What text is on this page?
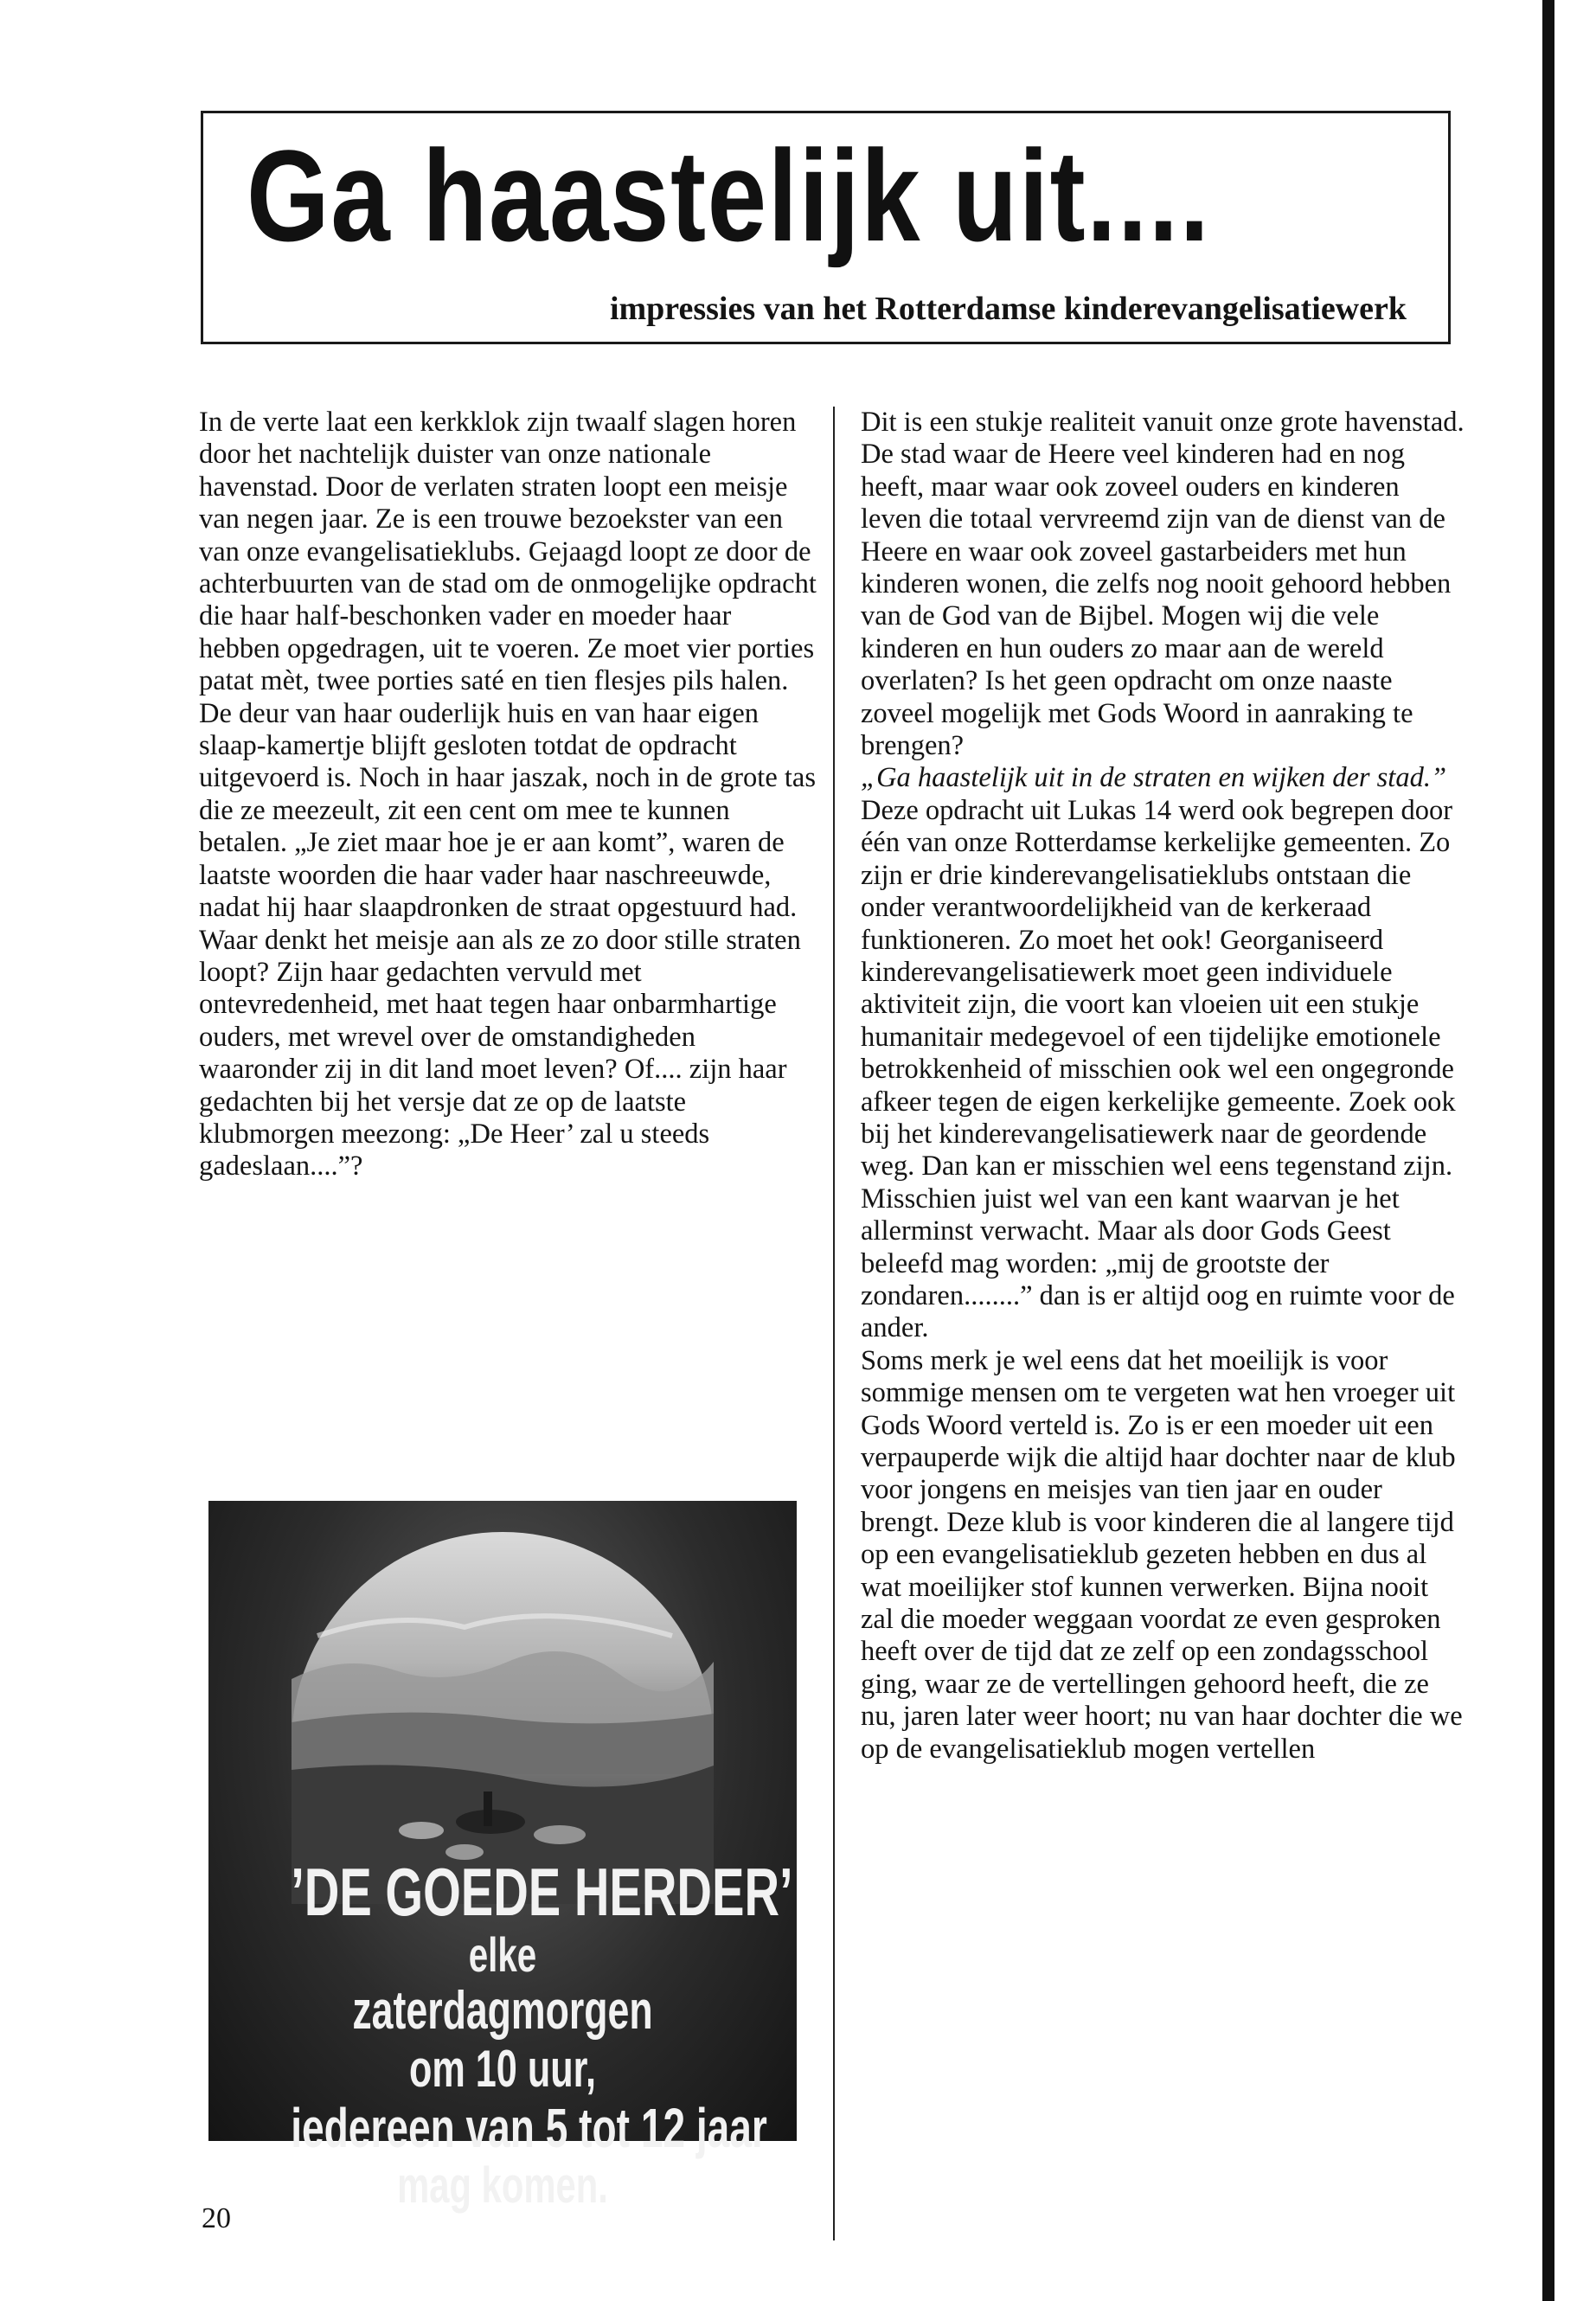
Ga haastelijk uit....
impressies van het Rotterdamse kinderevangelisatiewerk

In de verte laat een kerkklok zijn twaalf slagen horen door het nachtelijk duister van onze nationale havenstad. Door de verlaten straten loopt een meisje van negen jaar. Ze is een trouwe bezoekster van een van onze evangelisatieklubs. Gejaagd loopt ze door de achterbuurten van de stad om de onmogelijke opdracht die haar half-beschonken vader en moeder haar hebben opgedragen, uit te voeren. Ze moet vier porties patat mèt, twee porties saté en tien flesjes pils halen. De deur van haar ouderlijk huis en van haar eigen slaap-kamertje blijft gesloten totdat de opdracht uitgevoerd is. Noch in haar jaszak, noch in de grote tas die ze meezeult, zit een cent om mee te kunnen betalen. „Je ziet maar hoe je er aan komt”, waren de laatste woorden die haar vader haar naschreeuwde, nadat hij haar slaapdronken de straat opgestuurd had.

Waar denkt het meisje aan als ze zo door stille straten loopt? Zijn haar gedachten vervuld met ontevredenheid, met haat tegen haar onbarmhartige ouders, met wrevel over de omstandigheden waaronder zij in dit land moet leven? Of.... zijn haar gedachten bij het versje dat ze op de laatste klubmorgen meezong: „De Heer’ zal u steeds gadeslaan....”?

’DE GOEDE HERDER’
elke
zaterdagmorgen
om 10 uur,
iedereen van 5 tot 12 jaar
mag komen.

Dit is een stukje realiteit vanuit onze grote havenstad. De stad waar de Heere veel kinderen had en nog heeft, maar waar ook zoveel ouders en kinderen leven die totaal vervreemd zijn van de dienst van de Heere en waar ook zoveel gastarbeiders met hun kinderen wonen, die zelfs nog nooit gehoord hebben van de God van de Bijbel. Mogen wij die vele kinderen en hun ouders zo maar aan de wereld overlaten? Is het geen opdracht om onze naaste zoveel mogelijk met Gods Woord in aanraking te brengen?

„Ga haastelijk uit in de straten en wijken der stad.”

Deze opdracht uit Lukas 14 werd ook begrepen door één van onze Rotterdamse kerkelijke gemeenten. Zo zijn er drie kinderevangelisatieklubs ontstaan die onder verantwoordelijkheid van de kerkeraad funktioneren. Zo moet het ook! Georganiseerd kinderevangelisatiewerk moet geen individuele aktiviteit zijn, die voort kan vloeien uit een stukje humanitair medegevoel of een tijdelijke emotionele betrokkenheid of misschien ook wel een ongegronde afkeer tegen de eigen kerkelijke gemeente. Zoek ook bij het kinderevangelisatiewerk naar de geordende weg. Dan kan er misschien wel eens tegenstand zijn. Misschien juist wel van een kant waarvan je het allerminst verwacht. Maar als door Gods Geest beleefd mag worden: „mij de grootste der zondaren........” dan is er altijd oog en ruimte voor de ander.

Soms merk je wel eens dat het moeilijk is voor sommige mensen om te vergeten wat hen vroeger uit Gods Woord verteld is. Zo is er een moeder uit een verpauperde wijk die altijd haar dochter naar de klub voor jongens en meisjes van tien jaar en ouder brengt. Deze klub is voor kinderen die al langere tijd op een evangelisatieklub gezeten hebben en dus al wat moeilijker stof kunnen verwerken. Bijna nooit zal die moeder weggaan voordat ze even gesproken heeft over de tijd dat ze zelf op een zondagsschool ging, waar ze de vertellingen gehoord heeft, die ze nu, jaren later weer hoort; nu van haar dochter die we op de evangelisatieklub mogen vertellen

20
